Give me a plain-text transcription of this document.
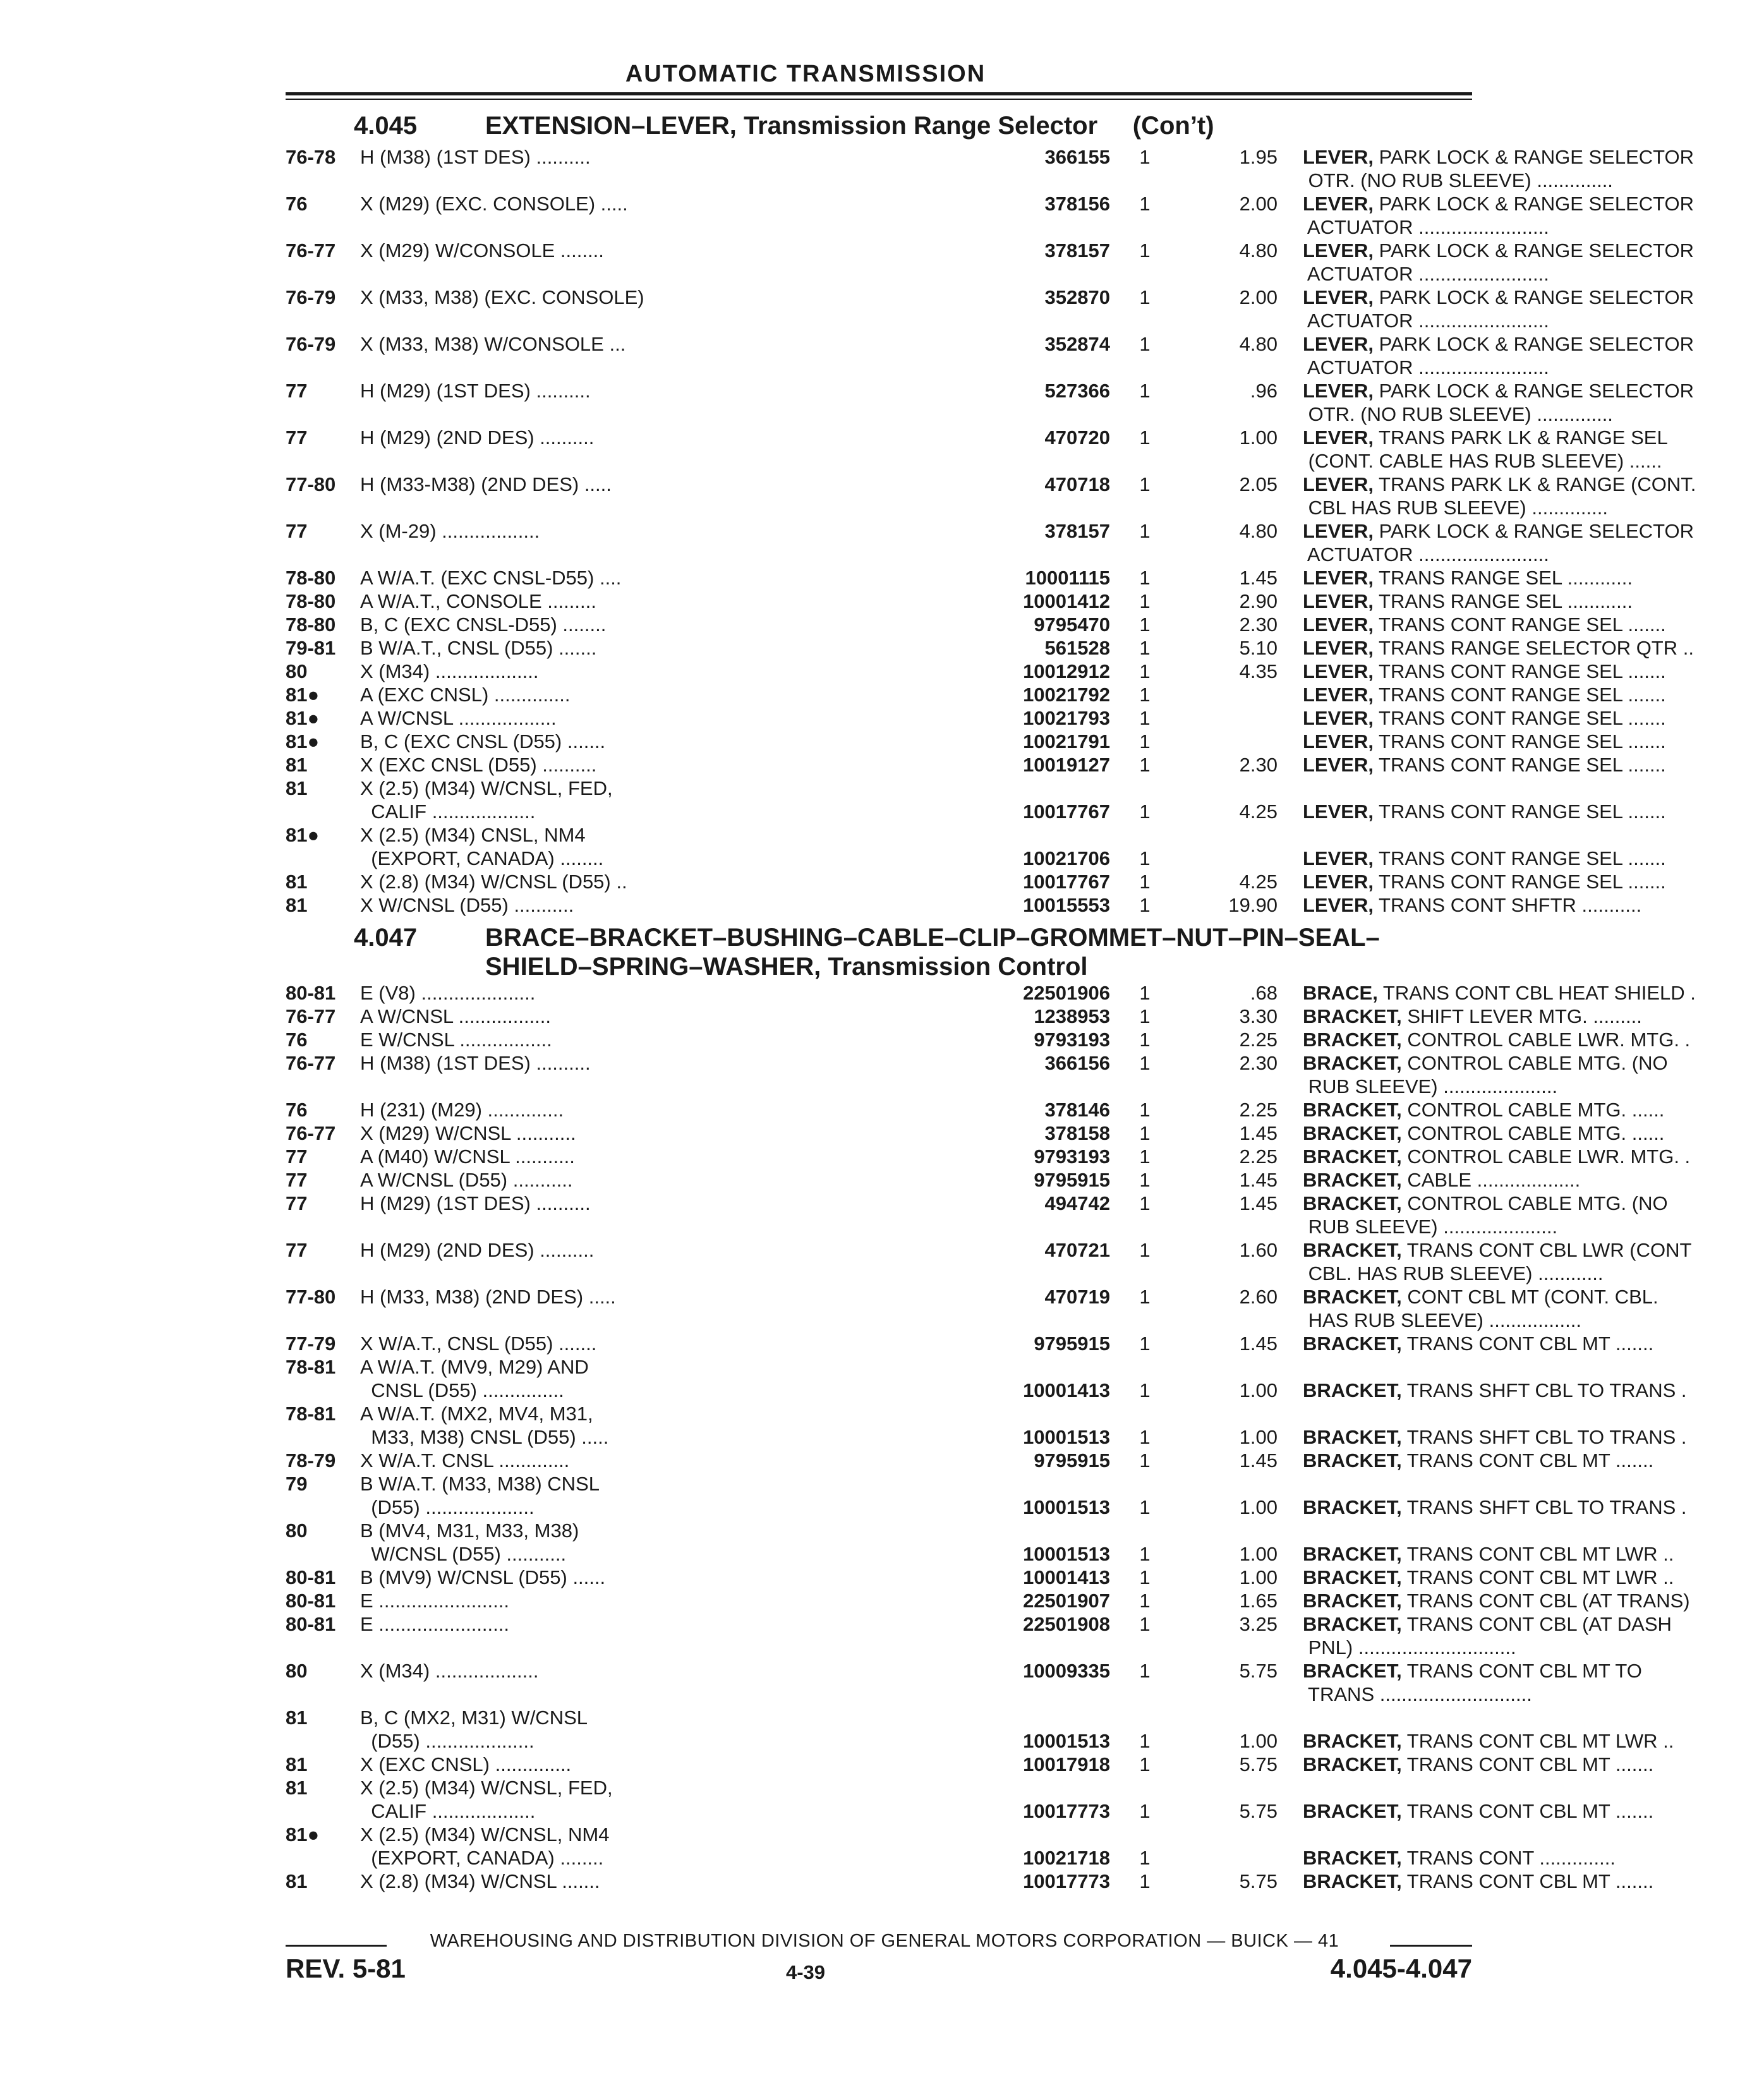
AUTOMATIC TRANSMISSION
4.045	EXTENSION–LEVER, Transmission Range Selector     (Con’t)
76-78 H (M38) (1ST DES) ..........	366155	1	1.95 LEVER, PARK LOCK & RANGE SELECTOR
OTR. (NO RUB SLEEVE) ..............
76	X (M29) (EXC. CONSOLE) .....	378156	1	2.00 LEVER, PARK LOCK & RANGE SELECTOR
ACTUATOR ........................
76-77 X (M29) W/CONSOLE ........	378157	1	4.80 LEVER, PARK LOCK & RANGE SELECTOR
ACTUATOR ........................
76-79 X (M33, M38) (EXC. CONSOLE)	352870	1	2.00 LEVER, PARK LOCK & RANGE SELECTOR
ACTUATOR ........................
76-79 X (M33, M38) W/CONSOLE ...	352874	1	4.80 LEVER, PARK LOCK & RANGE SELECTOR
ACTUATOR ........................
77	H (M29) (1ST DES) ..........	527366	1	.96 LEVER, PARK LOCK & RANGE SELECTOR
OTR. (NO RUB SLEEVE) ..............
77	H (M29) (2ND DES) ..........	470720	1	1.00 LEVER, TRANS PARK LK & RANGE SEL
(CONT. CABLE HAS RUB SLEEVE) ......
77-80 H (M33-M38) (2ND DES) .....	470718	1	2.05 LEVER, TRANS PARK LK & RANGE (CONT.
CBL HAS RUB SLEEVE) ..............
77	X (M-29) ..................	378157	1	4.80 LEVER, PARK LOCK & RANGE SELECTOR
ACTUATOR ........................
78-80 A W/A.T. (EXC CNSL-D55) ....	10001115	1	1.45 LEVER, TRANS RANGE SEL ............
78-80 A W/A.T., CONSOLE .........	10001412	1	2.90 LEVER, TRANS RANGE SEL ............
78-80 B, C (EXC CNSL-D55) ........	9795470	1	2.30 LEVER, TRANS CONT RANGE SEL .......
79-81 B W/A.T., CNSL (D55) .......	561528	1	5.10 LEVER, TRANS RANGE SELECTOR QTR ..
80	X (M34) ...................	10012912	1	4.35 LEVER, TRANS CONT RANGE SEL .......
81● A (EXC CNSL) ..............	10021792	1	LEVER, TRANS CONT RANGE SEL .......
81● A W/CNSL ..................	10021793	1	LEVER, TRANS CONT RANGE SEL .......
81● B, C (EXC CNSL (D55) .......	10021791	1	LEVER, TRANS CONT RANGE SEL .......
81	X (EXC CNSL (D55) ..........	10019127	1	2.30 LEVER, TRANS CONT RANGE SEL .......
81	X (2.5) (M34) W/CNSL, FED,
CALIF ...................	10017767	1	4.25 LEVER, TRANS CONT RANGE SEL .......
81● X (2.5) (M34) CNSL, NM4
(EXPORT, CANADA) ........	10021706	1	LEVER, TRANS CONT RANGE SEL .......
81	X (2.8) (M34) W/CNSL (D55) ..	10017767	1	4.25 LEVER, TRANS CONT RANGE SEL .......
81	X W/CNSL (D55) ...........	10015553	1	19.90 LEVER, TRANS CONT SHFTR ...........
4.047	BRACE–BRACKET–BUSHING–CABLE–CLIP–GROMMET–NUT–PIN–SEAL–
SHIELD–SPRING–WASHER, Transmission Control
80-81 E (V8) .....................	22501906	1	.68 BRACE, TRANS CONT CBL HEAT SHIELD .
76-77 A W/CNSL .................	1238953	1	3.30 BRACKET, SHIFT LEVER MTG. .........
76	E W/CNSL .................	9793193	1	2.25 BRACKET, CONTROL CABLE LWR. MTG. .
76-77 H (M38) (1ST DES) ..........	366156	1	2.30 BRACKET, CONTROL CABLE MTG. (NO
RUB SLEEVE) .....................
76	H (231) (M29) ..............	378146	1	2.25 BRACKET, CONTROL CABLE MTG. ......
76-77 X (M29) W/CNSL ...........	378158	1	1.45 BRACKET, CONTROL CABLE MTG. ......
77	A (M40) W/CNSL ...........	9793193	1	2.25 BRACKET, CONTROL CABLE LWR. MTG. .
77	A W/CNSL (D55) ...........	9795915	1	1.45 BRACKET, CABLE ...................
77	H (M29) (1ST DES) ..........	494742	1	1.45 BRACKET, CONTROL CABLE MTG. (NO
RUB SLEEVE) .....................
77	H (M29) (2ND DES) ..........	470721	1	1.60 BRACKET, TRANS CONT CBL LWR (CONT
CBL. HAS RUB SLEEVE) ............
77-80 H (M33, M38) (2ND DES) .....	470719	1	2.60 BRACKET, CONT CBL MT (CONT. CBL.
HAS RUB SLEEVE) .................
77-79 X W/A.T., CNSL (D55) .......	9795915	1	1.45 BRACKET, TRANS CONT CBL MT .......
78-81 A W/A.T. (MV9, M29) AND
CNSL (D55) ...............	10001413	1	1.00 BRACKET, TRANS SHFT CBL TO TRANS .
78-81 A W/A.T. (MX2, MV4, M31,
M33, M38) CNSL (D55) .....	10001513	1	1.00 BRACKET, TRANS SHFT CBL TO TRANS .
78-79 X W/A.T. CNSL .............	9795915	1	1.45 BRACKET, TRANS CONT CBL MT .......
79	B W/A.T. (M33, M38) CNSL
(D55) ....................	10001513	1	1.00 BRACKET, TRANS SHFT CBL TO TRANS .
80	B (MV4, M31, M33, M38)
W/CNSL (D55) ...........	10001513	1	1.00 BRACKET, TRANS CONT CBL MT LWR ..
80-81 B (MV9) W/CNSL (D55) ......	10001413	1	1.00 BRACKET, TRANS CONT CBL MT LWR ..
80-81 E ........................	22501907	1	1.65 BRACKET, TRANS CONT CBL (AT TRANS)
80-81 E ........................	22501908	1	3.25 BRACKET, TRANS CONT CBL (AT DASH
PNL) .............................
80	X (M34) ...................	10009335	1	5.75 BRACKET, TRANS CONT CBL MT TO
TRANS ............................
81	B, C (MX2, M31) W/CNSL
(D55) ....................	10001513	1	1.00 BRACKET, TRANS CONT CBL MT LWR ..
81	X (EXC CNSL) ..............	10017918	1	5.75 BRACKET, TRANS CONT CBL MT .......
81	X (2.5) (M34) W/CNSL, FED,
CALIF ...................	10017773	1	5.75 BRACKET, TRANS CONT CBL MT .......
81● X (2.5) (M34) W/CNSL, NM4
(EXPORT, CANADA) ........	10021718	1	BRACKET, TRANS CONT ..............
81	X (2.8) (M34) W/CNSL .......	10017773	1	5.75 BRACKET, TRANS CONT CBL MT .......
WAREHOUSING AND DISTRIBUTION DIVISION OF GENERAL MOTORS CORPORATION — BUICK — 41
REV. 5-81	4-39	4.045-4.047
